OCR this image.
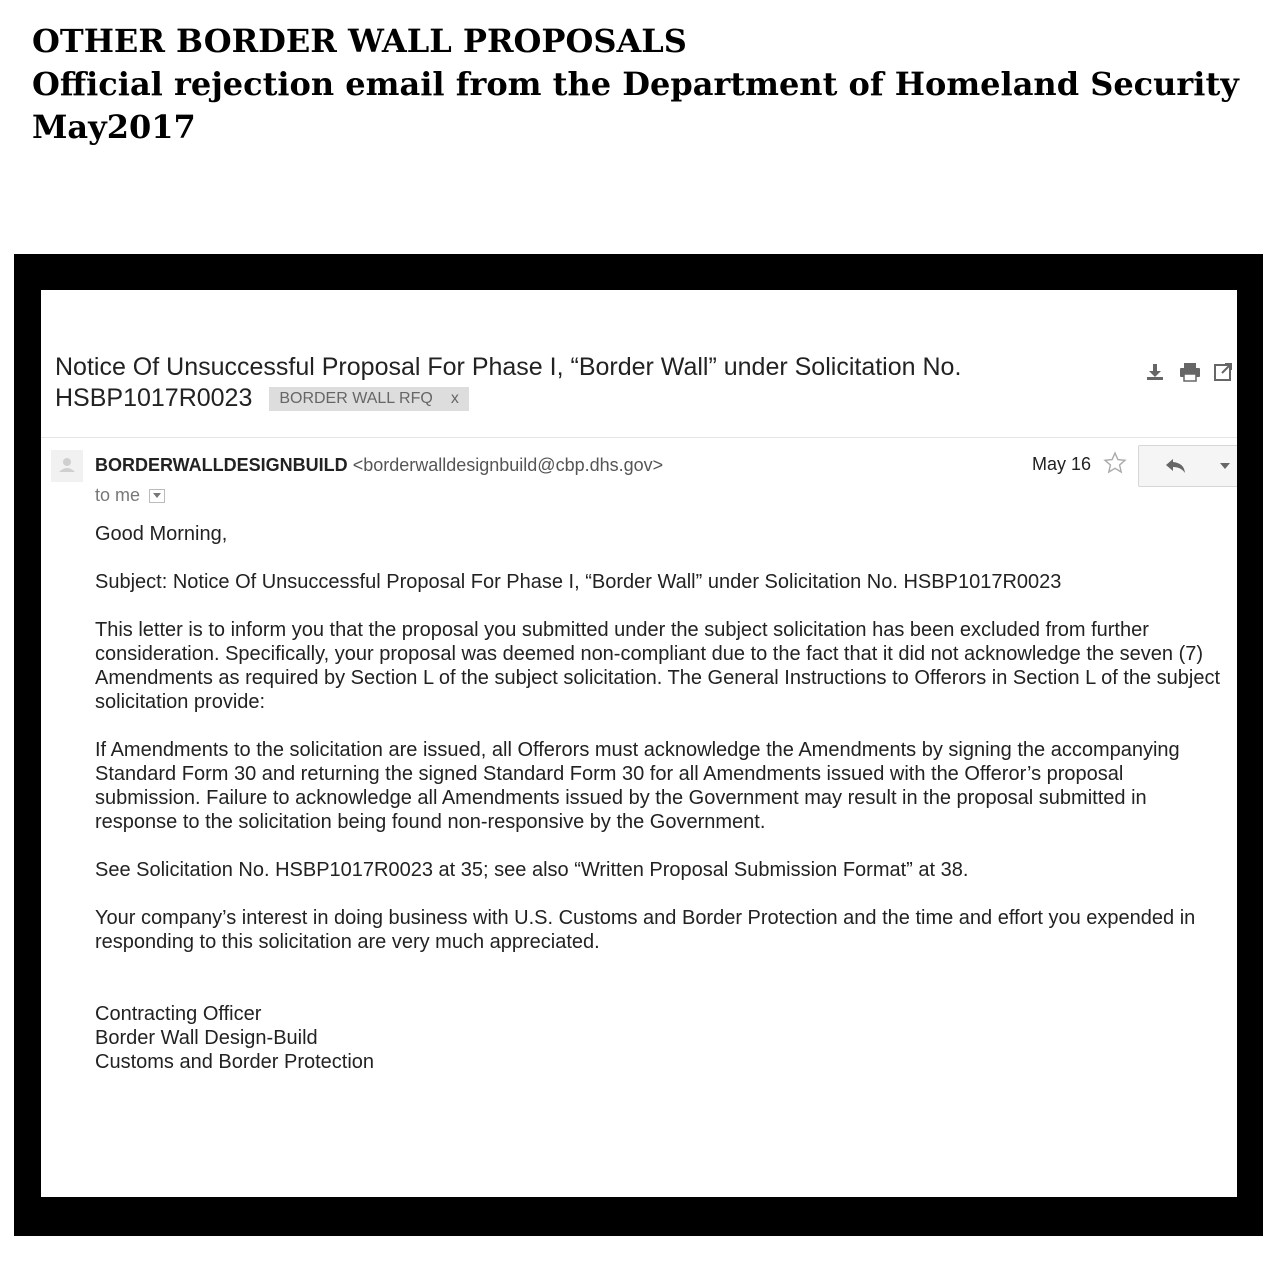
OTHER BORDER WALL PROPOSALS
Official rejection email from the Department of Homeland Security
May2017
Notice Of Unsuccessful Proposal For Phase I, “Border Wall” under Solicitation No. HSBP1017R0023 BORDER WALL RFQ x
BORDERWALLDESIGNBUILD <borderwalldesignbuild@cbp.dhs.gov>
to me
May 16

Good Morning,

Subject: Notice Of Unsuccessful Proposal For Phase I, “Border Wall” under Solicitation No. HSBP1017R0023

This letter is to inform you that the proposal you submitted under the subject solicitation has been excluded from further consideration. Specifically, your proposal was deemed non-compliant due to the fact that it did not acknowledge the seven (7) Amendments as required by Section L of the subject solicitation. The General Instructions to Offerors in Section L of the subject solicitation provide:

If Amendments to the solicitation are issued, all Offerors must acknowledge the Amendments by signing the accompanying Standard Form 30 and returning the signed Standard Form 30 for all Amendments issued with the Offeror’s proposal submission. Failure to acknowledge all Amendments issued by the Government may result in the proposal submitted in response to the solicitation being found non-responsive by the Government.

See Solicitation No. HSBP1017R0023 at 35; see also “Written Proposal Submission Format” at 38.

Your company’s interest in doing business with U.S. Customs and Border Protection and the time and effort you expended in responding to this solicitation are very much appreciated.

Contracting Officer
Border Wall Design-Build
Customs and Border Protection
